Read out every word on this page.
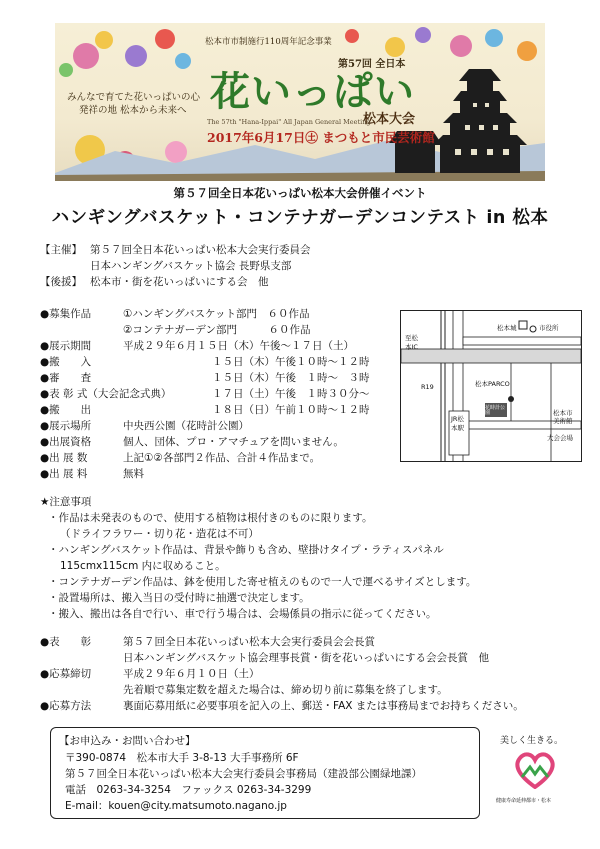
松本市市制施行110周年記念事業
第57回 全日本
花いっぱい
松本大会
The 57th "Hana-Ippai" All Japan General Meeting
2017年6月17日㊏ まつもと市民芸術館
みんなで育てた花いっぱいの心
発祥の地 松本から未来へ
第５７回全日本花いっぱい松本大会併催イベント
ハンギングバスケット・コンテナガーデンコンテスト in 松本
【主催】 第５７回全日本花いっぱい松本大会実行委員会
日本ハンギングバスケット協会 長野県支部
【後援】 松本市・街を花いっぱいにする会　他
●募集作品	①ハンギングバスケット部門　６０作品
②コンテナガーデン部門　　　６０作品
●展示期間	平成２９年６月１５日（木）午後～１７日（土）
●搬　　入	１５日（木）午後１０時～１２時
●審　　査	１５日（木）午後　１時～　３時
●表 彰 式（大会記念式典）	１７日（土）午後　１時３０分～
●搬　　出	１８日（日）午前１０時～１２時
●展示場所	中央西公園（花時計公園）
●出展資格	個人、団体、プロ・アマチュアを問いません。
●出 展 数	上記①②各部門２作品、合計４作品まで。
●出 展 料	無料
松本城	市役所
至松本IC
松本PARCO
JR松本駅
R19
大会会場
花時計公園	松本市美術館
★注意事項
・作品は未発表のもので、使用する植物は根付きのものに限ります。
（ドライフラワー・切り花・造花は不可）
・ハンギングバスケット作品は、背景や飾りも含め、壁掛けタイプ・ラティスパネル
115cmx115cm 内に収めること。
・コンテナガーデン作品は、鉢を使用した寄せ植えのもので一人で運べるサイズとします。
・設置場所は、搬入当日の受付時に抽選で決定します。
・搬入、搬出は各自で行い、車で行う場合は、会場係員の指示に従ってください。
●表　　彰	第５７回全日本花いっぱい松本大会実行委員会会長賞
日本ハンギングバスケット協会理事長賞・街を花いっぱいにする会会長賞　他
●応募締切	平成２９年６月１０日（土）
先着順で募集定数を超えた場合は、締め切り前に募集を終了します。
●応募方法	裏面応募用紙に必要事項を記入の上、郵送・FAX または事務局までお持ちください。
【お申込み・お問い合わせ】
〒390-0874　松本市大手 3-8-13 大手事務所 6F
第５７回全日本花いっぱい松本大会実行委員会事務局（建設部公園緑地課）
電話　0263-34-3254　ファックス 0263-34-3299
E-mail：kouen@city.matsumoto.nagano.jp
美しく生きる。
健康寿命延伸都市・松本
